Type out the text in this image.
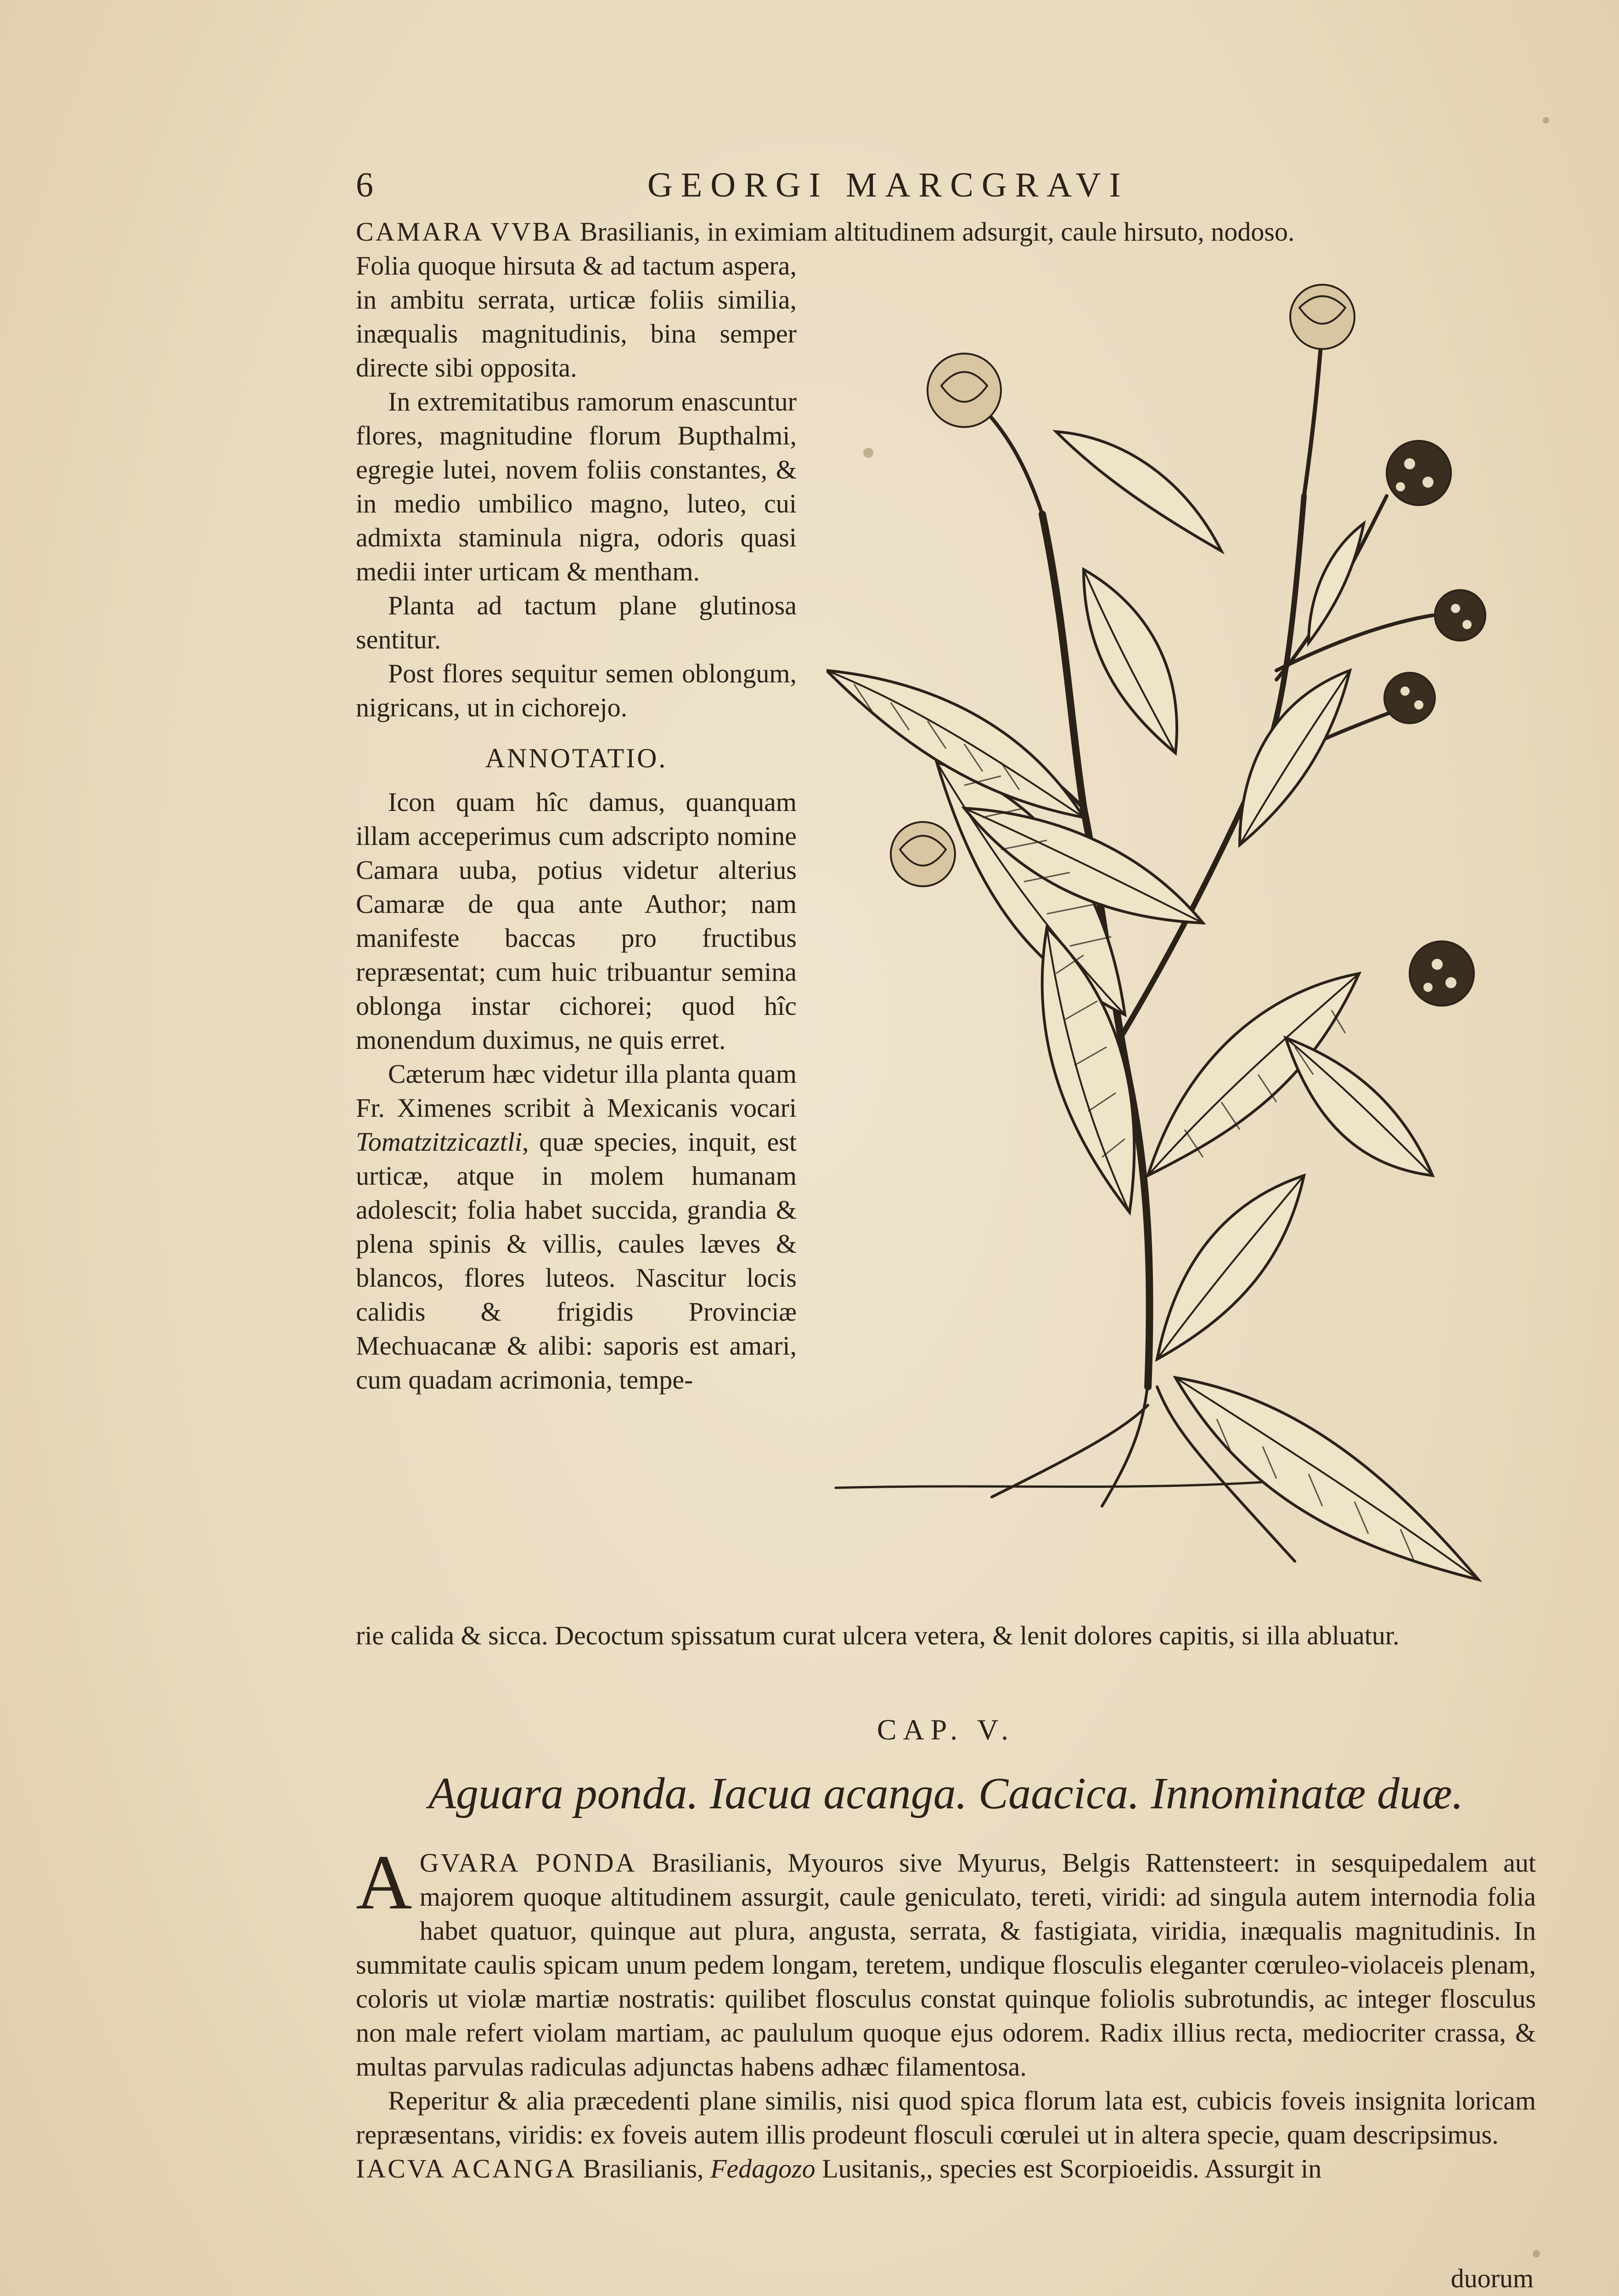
6	GEORGI MARCGRAVI
CAMARA VVBA Brasilianis, in eximiam altitudinem adsurgit, caule hirsuto, nodoso.

Folia quoque hirsuta & ad tactum aspera, in ambitu serrata, urticæ foliis similia, inæqualis magnitudinis, bina semper directe sibi opposita.

In extremitatibus ramorum enascuntur flores, magnitudine florum Bupthalmi, egregie lutei, novem foliis constantes, & in medio umbilico magno, luteo, cui admixta staminula nigra, odoris quasi medii inter urticam & mentham.

Planta ad tactum plane glutinosa sentitur.

Post flores sequitur semen oblongum, nigricans, ut in cichorejo.

ANNOTATIO.

Icon quam hîc damus, quanquam illam acceperimus cum adscripto nomine Camara uuba, potius videtur alterius Camaræ de qua ante Author; nam manifeste baccas pro fructibus repræsentat; cum huic tribuantur semina oblonga instar cichorei; quod hîc monendum duximus, ne quis erret.

Cæterum hæc videtur illa planta quam Fr. Ximenes scribit à Mexicanis vocari Tomatzitzicaztli, quæ species, inquit, est urticæ, atque in molem humanam adolescit; folia habet succida, grandia & plena spinis & villis, caules læves & blancos, flores luteos. Nascitur locis calidis & frigidis Provinciæ Mechuacanæ & alibi: saporis est amari, cum quadam acrimonia, tempe-

rie calida & sicca. Decoctum spissatum curat ulcera vetera, & lenit dolores capitis, si illa abluatur.
CAP. V.
Aguara ponda. Iacua acanga. Caacica. Innominatæ duæ.

AGVARA PONDA Brasilianis, Myouros sive Myurus, Belgis Rattensteert: in sesquipedalem aut majorem quoque altitudinem assurgit, caule geniculato, tereti, viridi: ad singula autem internodia folia habet quatuor, quinque aut plura, angusta, serrata, & fastigiata, viridia, inæqualis magnitudinis. In summitate caulis spicam unum pedem longam, teretem, undique flosculis eleganter cœruleo-violaceis plenam, coloris ut violæ martiæ nostratis: quilibet flosculus constat quinque foliolis subrotundis, ac integer flosculus non male refert violam martiam, ac paululum quoque ejus odorem. Radix illius recta, mediocriter crassa, & multas parvulas radiculas adjunctas habens adhæc filamentosa.

Reperitur & alia præcedenti plane similis, nisi quod spica florum lata est, cubicis foveis insignita loricam repræsentans, viridis: ex foveis autem illis prodeunt flosculi cœrulei ut in altera specie, quam descripsimus.

IACVA ACANGA Brasilianis, Fedagozo Lusitanis,, species est Scorpioeidis. Assurgit in

duorum
